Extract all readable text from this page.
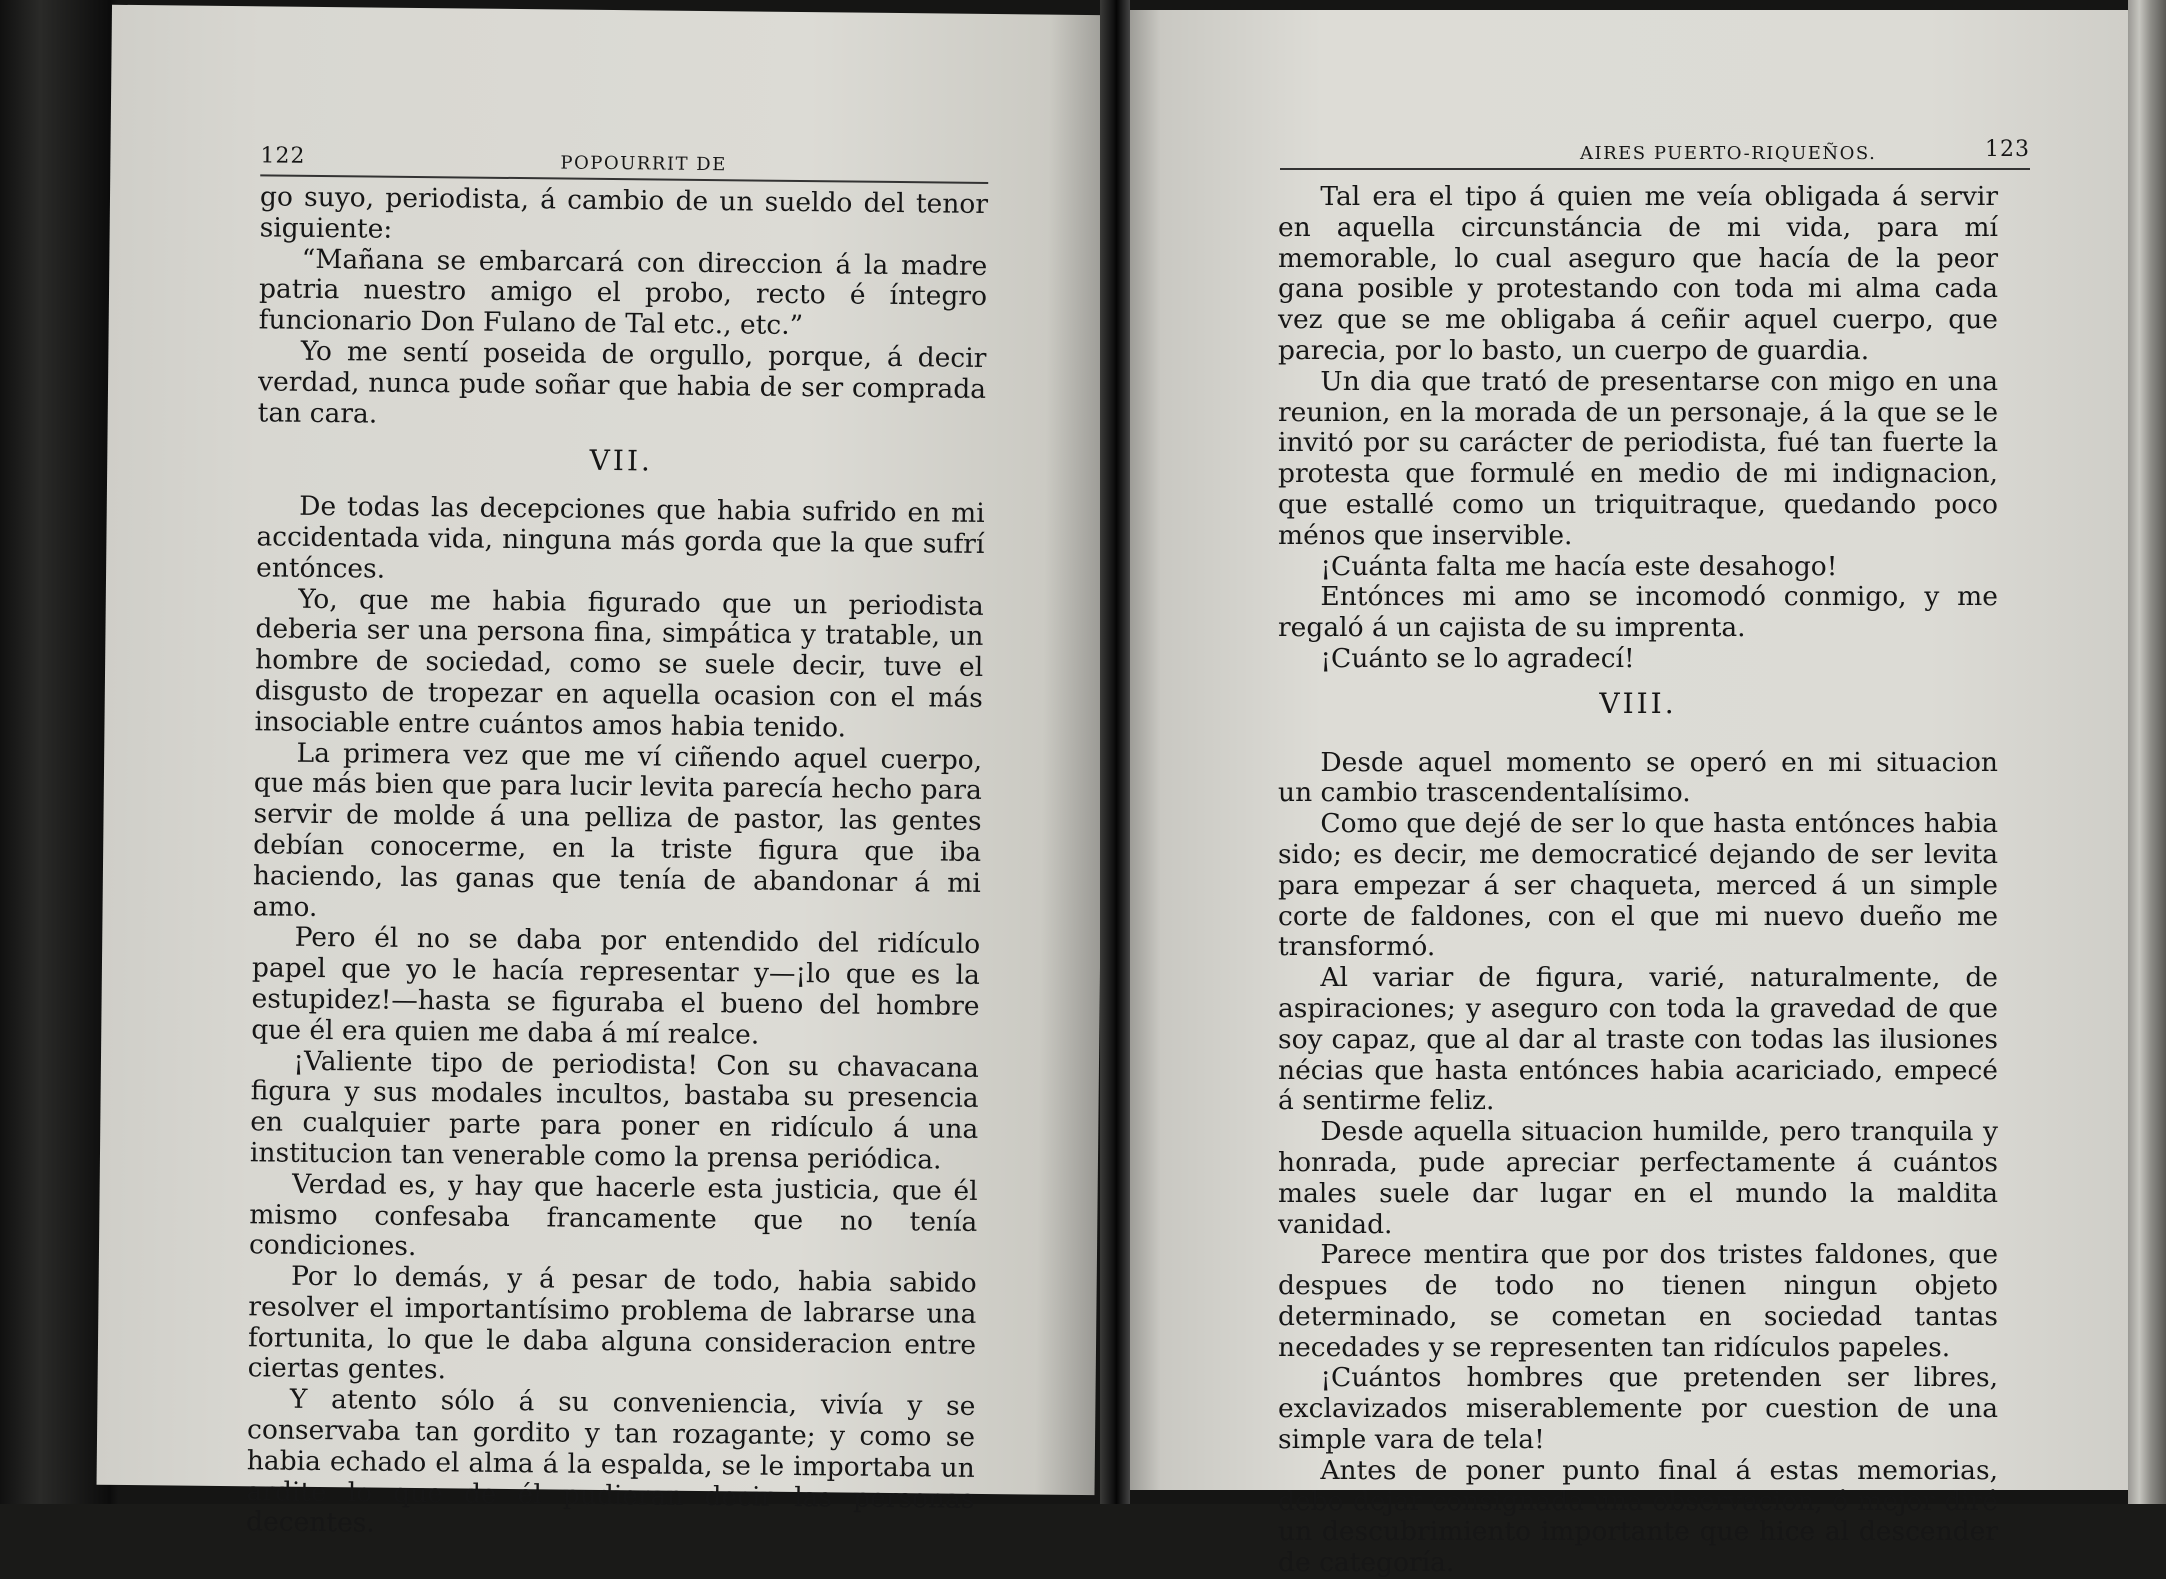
122	POPOURRIT DE

go suyo, periodista, á cambio de un sueldo del tenor siguiente:

“Mañana se embarcará con direccion á la madre patria nuestro amigo el probo, recto é íntegro funcionario Don Fulano de Tal etc., etc.”

Yo me sentí poseida de orgullo, porque, á decir verdad, nunca pude soñar que habia de ser comprada tan cara.

VII.

De todas las decepciones que habia sufrido en mi accidentada vida, ninguna más gorda que la que sufrí entónces.

Yo, que me habia figurado que un periodista deberia ser una persona fina, simpática y tratable, un hombre de sociedad, como se suele decir, tuve el disgusto de tropezar en aquella ocasion con el más insociable entre cuántos amos habia tenido.

La primera vez que me ví ciñendo aquel cuerpo, que más bien que para lucir levita parecía hecho para servir de molde á una pelliza de pastor, las gentes debían conocerme, en la triste figura que iba haciendo, las ganas que tenía de abandonar á mi amo.

Pero él no se daba por entendido del ridículo papel que yo le hacía representar y—¡lo que es la estupidez!—hasta se figuraba el bueno del hombre que él era quien me daba á mí realce.

¡Valiente tipo de periodista! Con su chavacana figura y sus modales incultos, bastaba su presencia en cualquier parte para poner en ridículo á una institucion tan venerable como la prensa periódica.

Verdad es, y hay que hacerle esta justicia, que él mismo confesaba francamente que no tenía condiciones.

Por lo demás, y á pesar de todo, habia sabido resolver el importantísimo problema de labrarse una fortunita, lo que le daba alguna consideracion entre ciertas gentes.

Y atento sólo á su conveniencia, vivía y se conservaba tan gordito y tan rozagante; y como se habia echado el alma á la espalda, se le importaba un ardite lo que de él pudieran decir las personas decentes.

AIRES PUERTO-RIQUEÑOS.	123

Tal era el tipo á quien me veía obligada á servir en aquella circunstáncia de mi vida, para mí memorable, lo cual aseguro que hacía de la peor gana posible y protestando con toda mi alma cada vez que se me obligaba á ceñir aquel cuerpo, que parecia, por lo basto, un cuerpo de guardia.

Un dia que trató de presentarse con migo en una reunion, en la morada de un personaje, á la que se le invitó por su carácter de periodista, fué tan fuerte la protesta que formulé en medio de mi indignacion, que estallé como un triquitraque, quedando poco ménos que inservible.

¡Cuánta falta me hacía este desahogo!

Entónces mi amo se incomodó conmigo, y me regaló á un cajista de su imprenta.

¡Cuánto se lo agradecí!

VIII.

Desde aquel momento se operó en mi situacion un cambio trascendentalísimo.

Como que dejé de ser lo que hasta entónces habia sido; es decir, me democraticé dejando de ser levita para empezar á ser chaqueta, merced á un simple corte de faldones, con el que mi nuevo dueño me transformó.

Al variar de figura, varié, naturalmente, de aspiraciones; y aseguro con toda la gravedad de que soy capaz, que al dar al traste con todas las ilusiones nécias que hasta entónces habia acariciado, empecé á sentirme feliz.

Desde aquella situacion humilde, pero tranquila y honrada, pude apreciar perfectamente á cuántos males suele dar lugar en el mundo la maldita vanidad.

Parece mentira que por dos tristes faldones, que despues de todo no tienen ningun objeto determinado, se cometan en sociedad tantas necedades y se representen tan ridículos papeles.

¡Cuántos hombres que pretenden ser libres, exclavizados miserablemente por cuestion de una simple vara de tela!

Antes de poner punto final á estas memorias, debo dejar consignada una observacion, ó mejor diré un descubrimiento importante que hice al descender de categoría.
